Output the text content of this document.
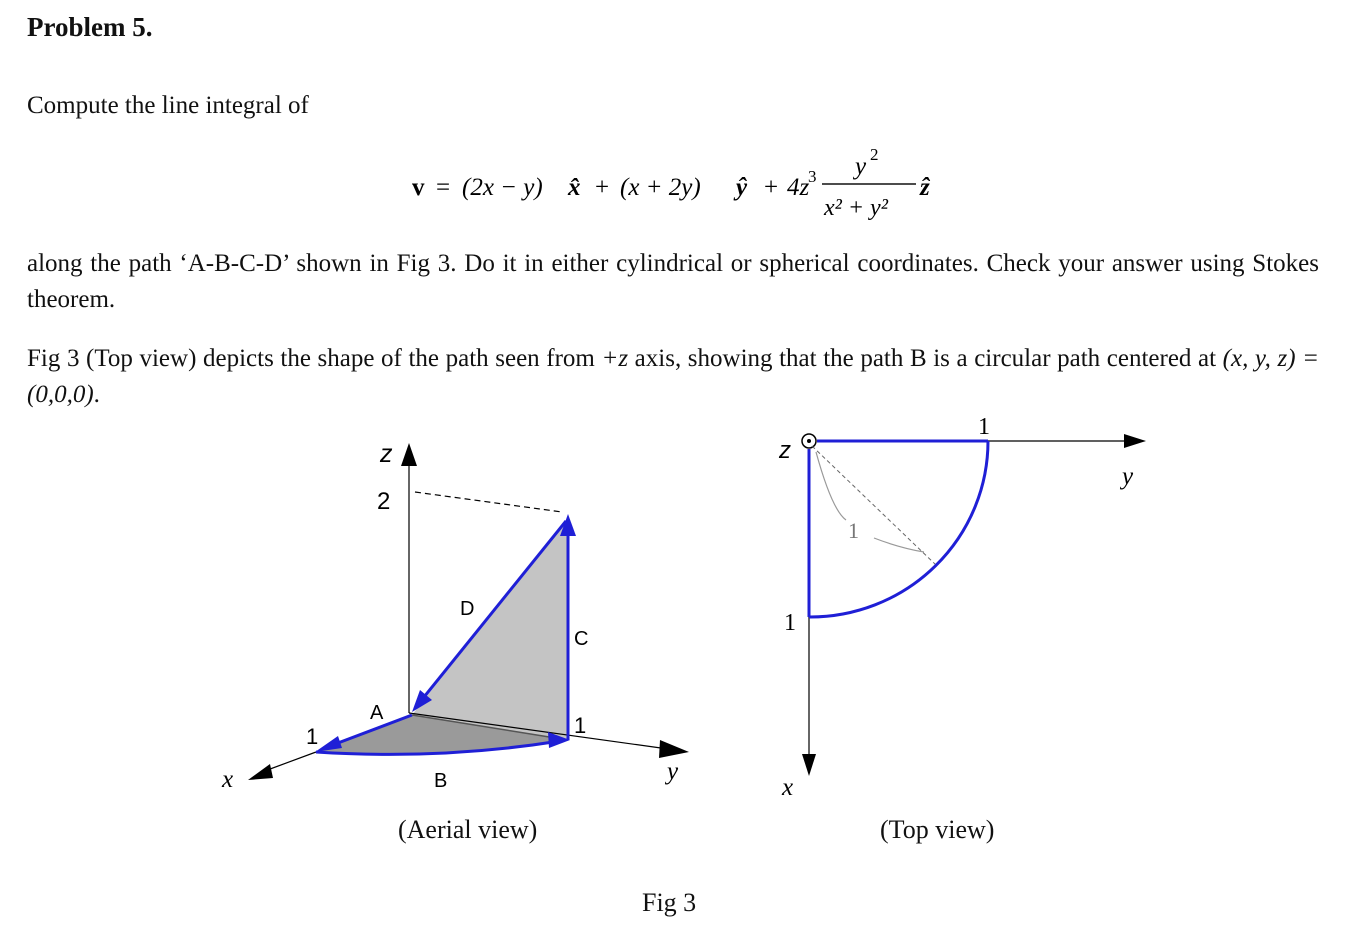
Problem 5.
Compute the line integral of
v = (2x − y) x̂ + (x + 2y) ŷ + 4z
3 y 2
x² + y²
ẑ
along the path ‘A-B-C-D’ shown in Fig 3. Do it in either cylindrical or spherical coordinates. Check your answer using Stokes theorem.
Fig 3 (Top view) depicts the shape of the path seen from +z axis, showing that the path B is a circular path centered at (x, y, z) = (0,0,0).
z
2
D
C
A	1
1
B
x	y
z
1
y
1
1
x
(Aerial view)	(Top view)
Fig 3
